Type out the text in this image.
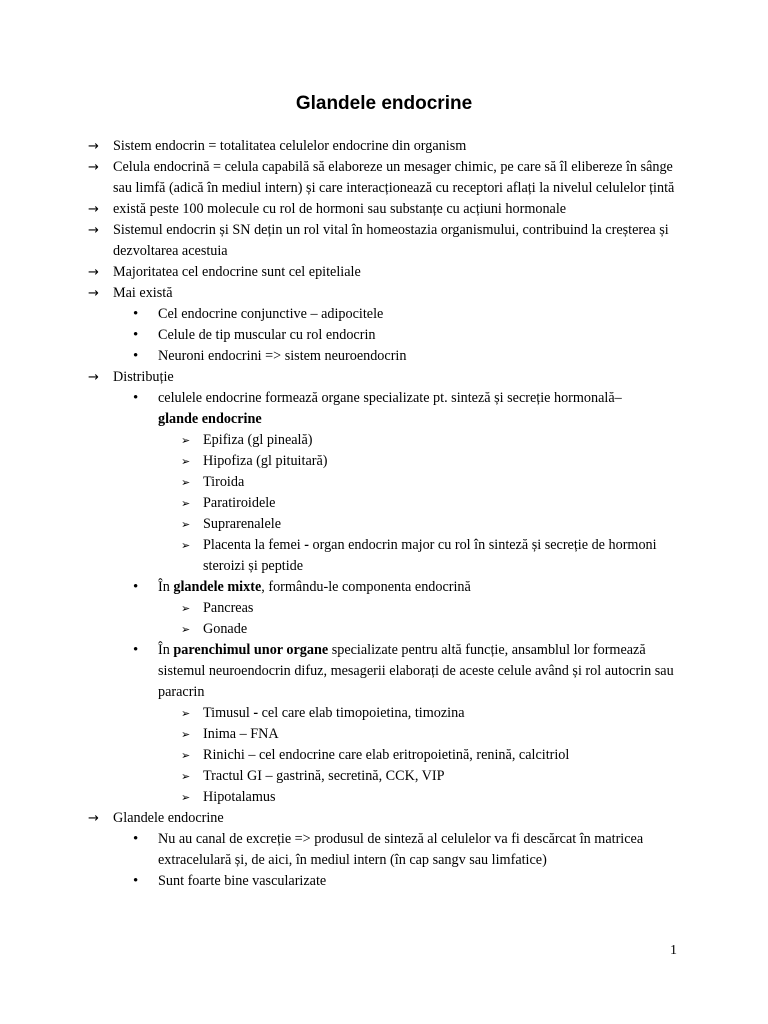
Glandele endocrine
→ Sistem endocrin = totalitatea celulelor endocrine din organism
→ Celula endocrină = celula capabilă să elaboreze un mesager chimic, pe care să îl elibereze în sânge sau limfă (adică în mediul intern) și care interacționează cu receptori aflați la nivelul celulelor țintă
→ există peste 100 molecule cu rol de hormoni sau substanțe cu acțiuni hormonale
→ Sistemul endocrin și SN dețin un rol vital în homeostazia organismului, contribuind la creșterea și dezvoltarea acestuia
→ Majoritatea cel endocrine sunt cel epiteliale
→ Mai există
• Cel endocrine conjunctive – adipocitele
• Celule de tip muscular cu rol endocrin
• Neuroni endocrini => sistem neuroendocrin
→ Distribuție
• celulele endocrine formează organe specializate pt. sinteză și secreție hormonală–
glande endocrine
➢ Epifiza (gl pineală)
➢ Hipofiza (gl pituitară)
➢ Tiroida
➢ Paratiroidele
➢ Suprarenalele
➢ Placenta la femei - organ endocrin major cu rol în sinteză și secreție de hormoni steroizi și peptide
• În glandele mixte, formându-le componenta endocrină
➢ Pancreas
➢ Gonade
• În parenchimul unor organe specializate pentru altă funcție, ansamblul lor formează sistemul neuroendocrin difuz, mesagerii elaborați de aceste celule având și rol autocrin sau paracrin
➢ Timusul - cel care elab timopoietina, timozina
➢ Inima – FNA
➢ Rinichi – cel endocrine care elab eritropoietină, renină, calcitriol
➢ Tractul GI – gastrină, secretină, CCK, VIP
➢ Hipotalamus
→ Glandele endocrine
• Nu au canal de excreție => produsul de sinteză al celulelor va fi descărcat în matricea extracelulară și, de aici, în mediul intern (în cap sangv sau limfatice)
• Sunt foarte bine vascularizate
1
